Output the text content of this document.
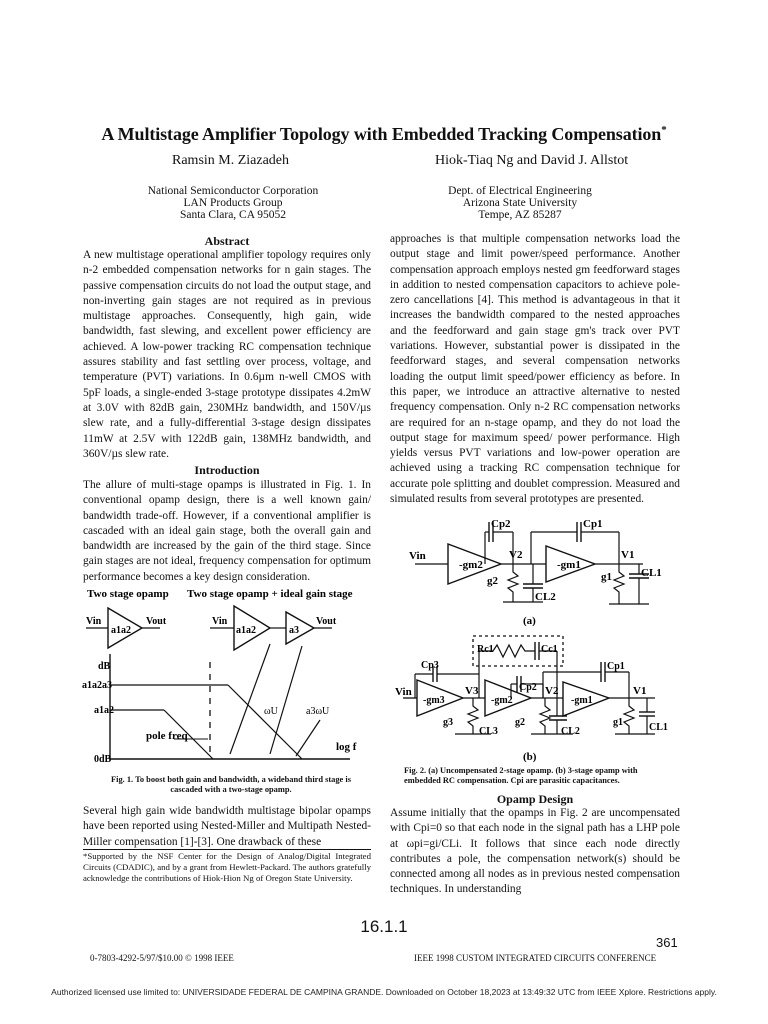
A Multistage Amplifier Topology with Embedded Tracking Compensation*
Ramsin M. Ziazadeh	Hiok-Tiaq Ng and David J. Allstot
National Semiconductor Corporation
LAN Products Group
Santa Clara, CA 95052
Dept. of Electrical Engineering
Arizona State University
Tempe, AZ 85287
Abstract
A new multistage operational amplifier topology requires only n-2 embedded compensation networks for n gain stages. The passive compensation circuits do not load the output stage, and non-inverting gain stages are not required as in previous multistage approaches. Consequently, high gain, wide bandwidth, fast slewing, and excellent power efficiency are achieved. A low-power tracking RC compensation technique assures stability and fast settling over process, voltage, and temperature (PVT) variations. In 0.6µm n-well CMOS with 5pF loads, a single-ended 3-stage prototype dissipates 4.2mW at 3.0V with 82dB gain, 230MHz bandwidth, and 150V/µs slew rate, and a fully-differential 3-stage design dissipates 11mW at 2.5V with 122dB gain, 138MHz bandwidth, and 360V/µs slew rate.
Introduction
The allure of multi-stage opamps is illustrated in Fig. 1. In conventional opamp design, there is a well known gain/ bandwidth trade-off. However, if a conventional amplifier is cascaded with an ideal gain stage, both the overall gain and bandwidth are increased by the gain of the third stage. Since gain stages are not ideal, frequency compensation for optimum performance becomes a key design consideration.
Two stage opamp Two stage opamp + ideal gain stage
Vin	Vout
a1a2
Vin
a1a2	a3
Vout
dB
a1a2a3
a1a2
0dB
pole freq
ωU	a3ωU
log f
Fig. 1. To boost both gain and bandwidth, a wideband third stage is cascaded with a two-stage opamp.
Several high gain wide bandwidth multistage bipolar opamps have been reported using Nested-Miller and Multipath Nested-Miller compensation [1]-[3]. One drawback of these
*Supported by the NSF Center for the Design of Analog/Digital Integrated Circuits (CDADIC), and by a grant from Hewlett-Packard. The authors gratefully acknowledge the contributions of Hiok-Hion Ng of Oregon State University.
approaches is that multiple compensation networks load the output stage and limit power/speed performance. Another compensation approach employs nested gm feedforward stages in addition to nested compensation capacitors to achieve pole-zero cancellations [4]. This method is advantageous in that it increases the bandwidth compared to the nested approaches and the feedforward and gain stage gm's track over PVT variations. However, substantial power is dissipated in the feedforward stages, and several compensation networks loading the output limit speed/power efficiency as before. In this paper, we introduce an attractive alternative to nested frequency compensation. Only n-2 RC compensation networks are required for an n-stage opamp, and they do not load the output stage for maximum speed/ power performance. High yields versus PVT variations and low-power operation are achieved using a tracking RC compensation technique for accurate pole splitting and doublet compression. Measured and simulated results from several prototypes are presented.
Cp2	Cp1
Vin
-gm2	-gm1
V2	V1
g2	g1	CL1
CL2
(a)
Rc1	Cc1
Cp3
Cp2
Cp1
Vin
-gm3	-gm2	-gm1
V3	V2	V1
g3	g2	g1
CL3	CL2	CL1
(b)
Fig. 2. (a) Uncompensated 2-stage opamp. (b) 3-stage opamp with embedded RC compensation. Cpi are parasitic capacitances.
Opamp Design
Assume initially that the opamps in Fig. 2 are uncompensated with Cpi=0 so that each node in the signal path has a LHP pole at ωpi=gi/CLi. It follows that since each node directly contributes a pole, the compensation network(s) should be connected among all nodes as in previous nested compensation techniques. In understanding
16.1.1
361
0-7803-4292-5/97/$10.00 © 1998 IEEE	IEEE 1998 CUSTOM INTEGRATED CIRCUITS CONFERENCE
Authorized licensed use limited to: UNIVERSIDADE FEDERAL DE CAMPINA GRANDE. Downloaded on October 18,2023 at 13:49:32 UTC from IEEE Xplore. Restrictions apply.
